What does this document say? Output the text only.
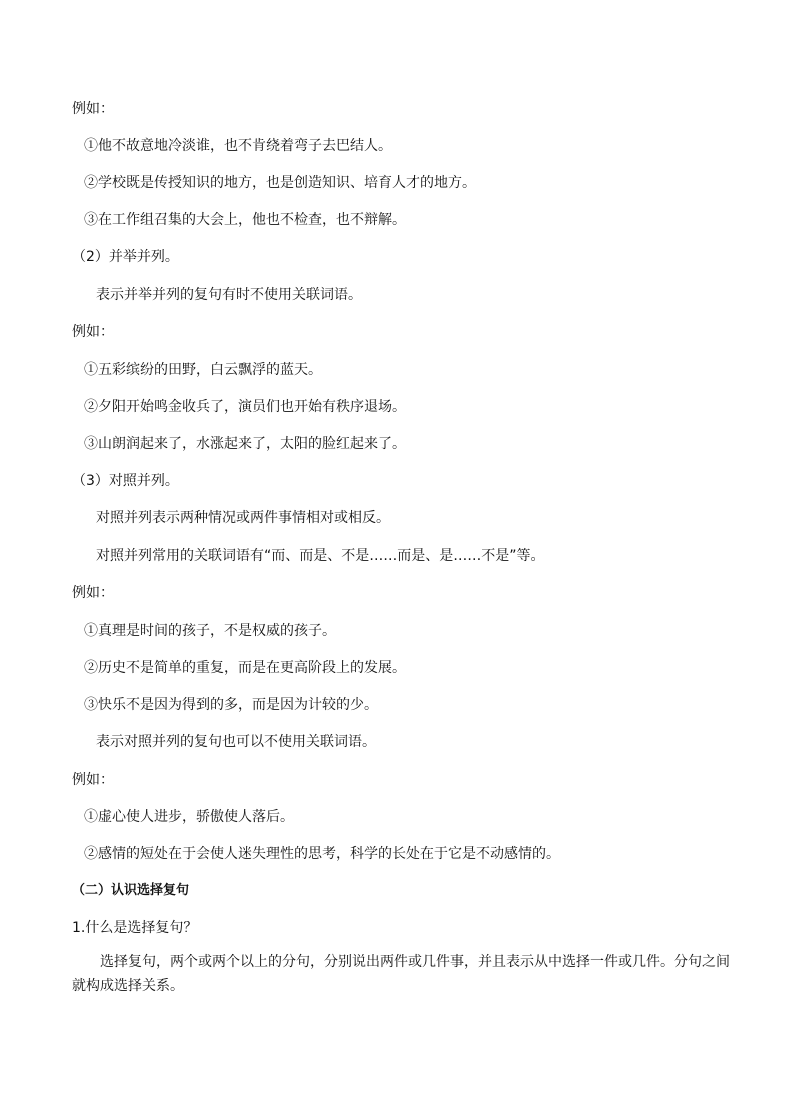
例如：
①他不故意地冷淡谁，也不肯绕着弯子去巴结人。
②学校既是传授知识的地方，也是创造知识、培育人才的地方。
③在工作组召集的大会上，他也不检查，也不辩解。
（2）并举并列。
表示并举并列的复句有时不使用关联词语。
例如：
①五彩缤纷的田野，白云飘浮的蓝天。
②夕阳开始鸣金收兵了，演员们也开始有秩序退场。
③山朗润起来了，水涨起来了，太阳的脸红起来了。
（3）对照并列。
对照并列表示两种情况或两件事情相对或相反。
对照并列常用的关联词语有“而、而是、不是……而是、是……不是”等。
例如：
①真理是时间的孩子，不是权威的孩子。
②历史不是简单的重复，而是在更高阶段上的发展。
③快乐不是因为得到的多，而是因为计较的少。
表示对照并列的复句也可以不使用关联词语。
例如：
①虚心使人进步，骄傲使人落后。
②感情的短处在于会使人迷失理性的思考，科学的长处在于它是不动感情的。
（二）认识选择复句
1.什么是选择复句？
选择复句，两个或两个以上的分句，分别说出两件或几件事，并且表示从中选择一件或几件。分句之间就构成选择关系。
